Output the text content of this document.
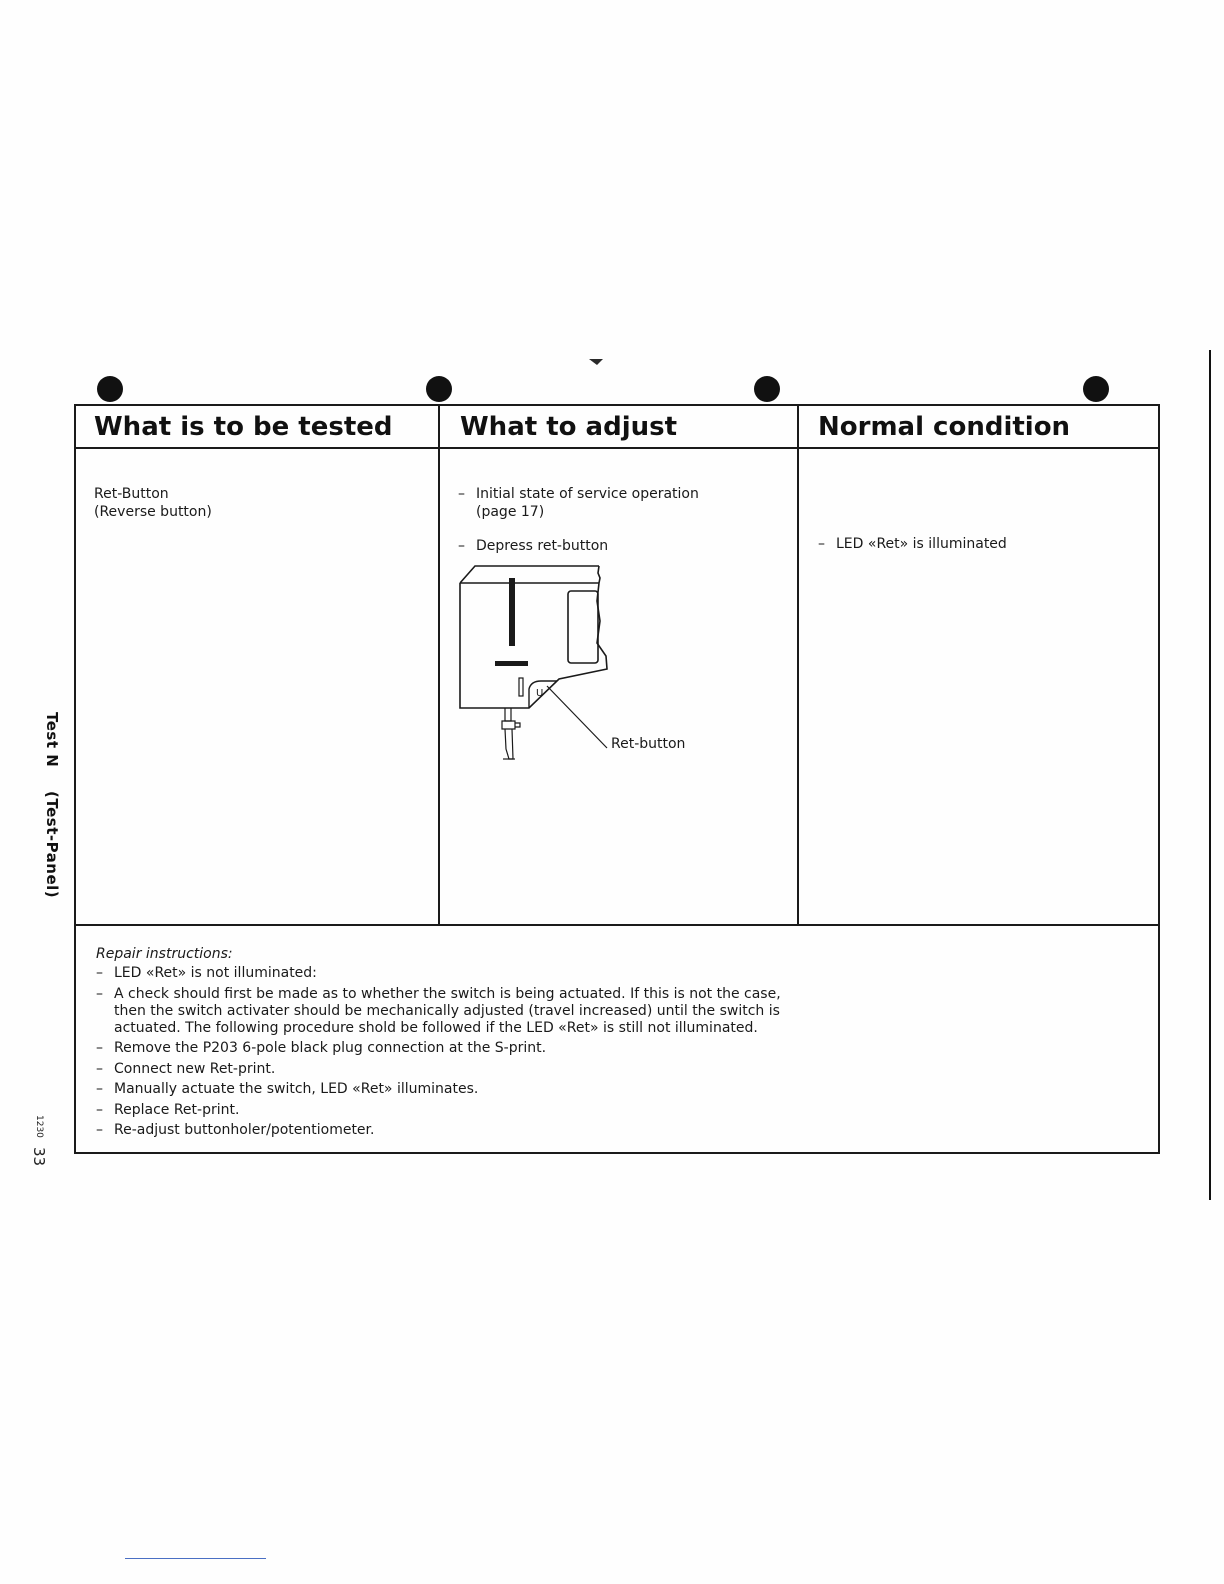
Test N (Test-Panel)
1230 33
What is to be tested	What to adjust	Normal condition
Ret-Button
(Reverse button)
– Initial state of service operation
(page 17)
– Depress ret-button
U
Ret-button
– LED «Ret» is illuminated
Repair instructions:
– LED «Ret» is not illuminated:
– A check should first be made as to whether the switch is being actuated. If this is not the case, then the switch activater should be mechanically adjusted (travel increased) until the switch is actuated. The following procedure shold be followed if the LED «Ret» is still not illuminated.
– Remove the P203 6-pole black plug connection at the S-print.
– Connect new Ret-print.
– Manually actuate the switch, LED «Ret» illuminates.
– Replace Ret-print.
– Re-adjust buttonholer/potentiometer.
